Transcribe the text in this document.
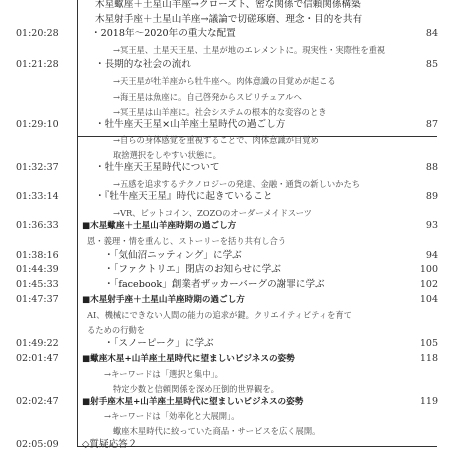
木星蠍座＋土星山羊座→クローズト、密な関係で信頼関係構築
木星射手座＋土星山羊座→議論で切磋琢磨、理念・目的を共有
01:20:28	・2018年〜2020年の重大な配置	84
→冥王星、土星天王星、土星が地のエレメントに。現実性・実際性を重視
01:21:28	・長期的な社会の流れ	85
→天王星が牡羊座から牡牛座へ。肉体意識の目覚めが起こる
→海王星は魚座に。自己啓発からスピリチュアルへ
→冥王星は山羊座に。社会システムの根本的な変容のとき
01:29:10	・牡牛座天王星×山羊座土星時代の過ごし方	87
→自らの身体感覚を重視することで、肉体意識が目覚め
取捨選択をしやすい状態に。
01:32:37	・牡牛座天王星時代について	88
→五感を追求するテクノロジーの発達、金融・通貨の新しいかたち
01:33:14	・『牡牛座天王星』時代に起きていること	89
→VR、ビットコイン、ZOZOのオーダーメイドスーツ
01:36:33	■木星蠍座＋土星山羊座時期の過ごし方	93
恩・義理・情を重んじ、ストーリーを括り共有し合う
01:38:16	・「気仙沼ニッティング」に学ぶ	94
01:44:39	・「ファクトリエ」閉店のお知らせに学ぶ	100
01:45:33	・「facebook」創業者ザッカーバーグの謝罪に学ぶ	102
01:47:37	■木星射手座＋土星山羊座時期の過ごし方	104
AI、機械にできない人間の能力の追求が鍵。クリエイティビティを育て
るための行動を
01:49:22	・「スノーピーク」に学ぶ	105
02:01:47	■蠍座木星+山羊座土星時代に望ましいビジネスの姿勢	118
→キーワードは「選択と集中」。
特定少数と信頼関係を深め圧倒的世界観を。
02:02:47	■射手座木星+山羊座土星時代に望ましいビジネスの姿勢	119
→キーワードは「効率化と大展開」。
蠍座木星時代に絞っていた商品・サービスを広く展開。
02:05:09	◇質疑応答２
